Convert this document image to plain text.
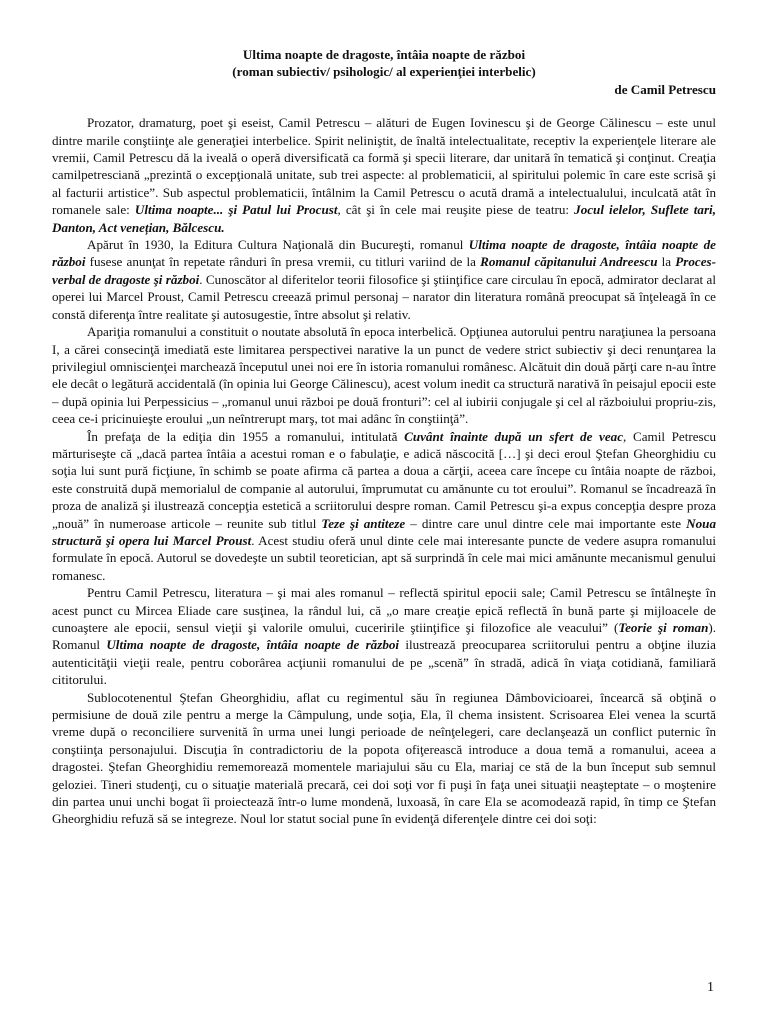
Ultima noapte de dragoste, întâia noapte de război

(roman subiectiv/ psihologic/ al experienţiei interbelic)

de Camil Petrescu

Prozator, dramaturg, poet şi eseist, Camil Petrescu – alături de Eugen Iovinescu şi de George Călinescu – este unul dintre marile conştiinţe ale generaţiei interbelice. Spirit neliniştit, de înaltă intelectualitate, receptiv la experienţele literare ale vremii, Camil Petrescu dă la iveală o operă diversificată ca formă şi specii literare, dar unitară în tematică şi conţinut. Creaţia camilpetresciană „prezintă o excepţională unitate, sub trei aspecte: al problematicii, al spiritului polemic în care este scrisă şi al facturii artistice”. Sub aspectul problematicii, întâlnim la Camil Petrescu o acută dramă a intelectualului, inculcată atât în romanele sale: Ultima noapte... şi Patul lui Procust, cât şi în cele mai reuşite piese de teatru: Jocul ielelor, Suflete tari, Danton, Act venețian, Bălcescu.

Apărut în 1930, la Editura Cultura Naţională din Bucureşti, romanul Ultima noapte de dragoste, întâia noapte de război fusese anunţat în repetate rânduri în presa vremii, cu titluri variind de la Romanul căpitanului Andreescu la Proces-verbal de dragoste şi război. Cunoscător al diferitelor teorii filosofice şi ştiinţifice care circulau în epocă, admirator declarat al operei lui Marcel Proust, Camil Petrescu creează primul personaj – narator din literatura română preocupat să înţeleagă în ce constă diferenţa între realitate şi autosugestie, între absolut şi relativ.

Apariţia romanului a constituit o noutate absolută în epoca interbelică. Opţiunea autorului pentru naraţiunea la persoana I, a cărei consecinţă imediată este limitarea perspectivei narative la un punct de vedere strict subiectiv şi deci renunţarea la privilegiul omniscienţei marchează începutul unei noi ere în istoria romanului românesc. Alcătuit din două părţi care n-au între ele decât o legătură accidentală (în opinia lui George Călinescu), acest volum inedit ca structură narativă în peisajul epocii este – după opinia lui Perpessicius – „romanul unui război pe două fronturi”: cel al iubirii conjugale şi cel al războiului propriu-zis, ceea ce-i pricinuieşte eroului „un neîntrerupt marş, tot mai adânc în conştiinţă”.

În prefaţa de la ediţia din 1955 a romanului, intitulată Cuvânt înainte după un sfert de veac, Camil Petrescu mărturiseşte că „dacă partea întâia a acestui roman e o fabulaţie, e adică născocită […] şi deci eroul Ştefan Gheorghidiu cu soţia lui sunt pură ficţiune, în schimb se poate afirma că partea a doua a cărţii, aceea care începe cu întâia noapte de război, este construită după memorialul de companie al autorului, împrumutat cu amănunte cu tot eroului”. Romanul se încadrează în proza de analiză şi ilustrează concepţia estetică a scriitorului despre roman. Camil Petrescu şi-a expus concepţia despre proza „nouă” în numeroase articole – reunite sub titlul Teze şi antiteze – dintre care unul dintre cele mai importante este Noua structură şi opera lui Marcel Proust. Acest studiu oferă unul dinte cele mai interesante puncte de vedere asupra romanului formulate în epocă. Autorul se dovedeşte un subtil teoretician, apt să surprindă în cele mai mici amănunte mecanismul genului romanesc.

Pentru Camil Petrescu, literatura – şi mai ales romanul – reflectă spiritul epocii sale; Camil Petrescu se întâlneşte în acest punct cu Mircea Eliade care susţinea, la rândul lui, că „o mare creaţie epică reflectă în bună parte şi mijloacele de cunoaştere ale epocii, sensul vieţii şi valorile omului, cuceririle ştiinţifice şi filozofice ale veacului” (Teorie şi roman). Romanul Ultima noapte de dragoste, întâia noapte de război ilustrează preocuparea scriitorului pentru a obţine iluzia autenticităţii vieţii reale, pentru coborârea acţiunii romanului de pe „scenă” în stradă, adică în viaţa cotidiană, familiară cititorului.

Sublocotenentul Ştefan Gheorghidiu, aflat cu regimentul său în regiunea Dâmbovicioarei, încearcă să obţină o permisiune de două zile pentru a merge la Câmpulung, unde soţia, Ela, îl chema insistent. Scrisoarea Elei venea la scurtă vreme după o reconciliere survenită în urma unei lungi perioade de neînţelegeri, care declanşează un conflict puternic în conştiinţa personajului. Discuţia în contradictoriu de la popota ofiţerească introduce a doua temă a romanului, aceea a dragostei. Ştefan Gheorghidiu rememorează momentele mariajului său cu Ela, mariaj ce stă de la bun început sub semnul geloziei. Tineri studenţi, cu o situaţie materială precară, cei doi soţi vor fi puşi în faţa unei situaţii neaşteptate – o moştenire din partea unui unchi bogat îi proiectează într-o lume mondenă, luxoasă, în care Ela se acomodează rapid, în timp ce Ştefan Gheorghidiu refuză să se integreze. Noul lor statut social pune în evidenţă diferenţele dintre cei doi soţi:

1
